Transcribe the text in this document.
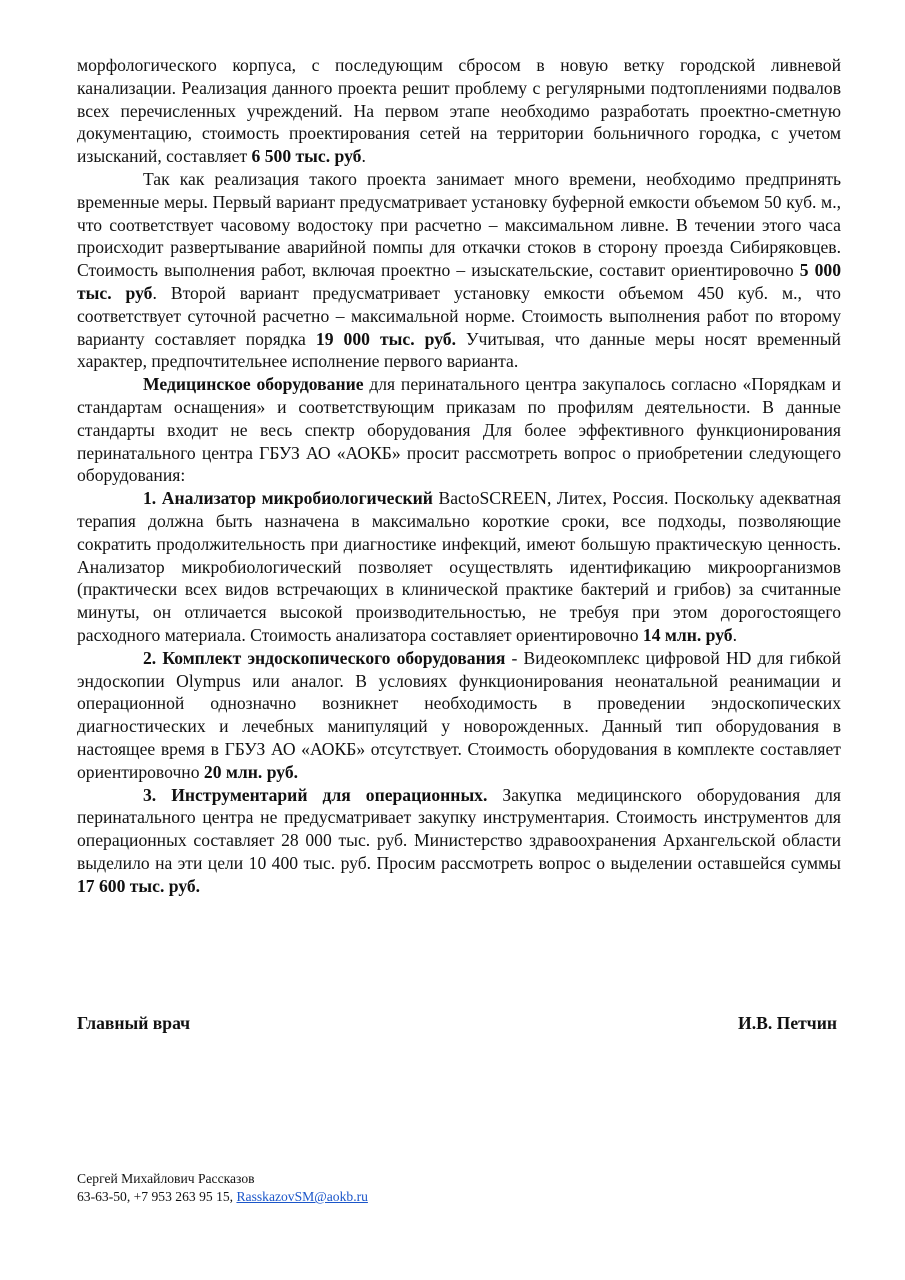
морфологического корпуса, с последующим сбросом в новую ветку городской ливневой канализации. Реализация данного проекта решит проблему с регулярными подтоплениями подвалов всех перечисленных учреждений. На первом этапе необходимо разработать проектно-сметную документацию, стоимость проектирования сетей на территории больничного городка, с учетом изысканий, составляет 6 500 тыс. руб.

Так как реализация такого проекта занимает много времени, необходимо предпринять временные меры. Первый вариант предусматривает установку буферной емкости объемом 50 куб. м., что соответствует часовому водостоку при расчетно – максимальном ливне. В течении этого часа происходит развертывание аварийной помпы для откачки стоков в сторону проезда Сибиряковцев. Стоимость выполнения работ, включая проектно – изыскательские, составит ориентировочно 5 000 тыс. руб. Второй вариант предусматривает установку емкости объемом 450 куб. м., что соответствует суточной расчетно – максимальной норме. Стоимость выполнения работ по второму варианту составляет порядка 19 000 тыс. руб. Учитывая, что данные меры носят временный характер, предпочтительнее исполнение первого варианта.

Медицинское оборудование для перинатального центра закупалось согласно «Порядкам и стандартам оснащения» и соответствующим приказам по профилям деятельности. В данные стандарты входит не весь спектр оборудования Для более эффективного функционирования перинатального центра ГБУЗ АО «АОКБ» просит рассмотреть вопрос о приобретении следующего оборудования:

1. Анализатор микробиологический BactoSCREEN, Литех, Россия. Поскольку адекватная терапия должна быть назначена в максимально короткие сроки, все подходы, позволяющие сократить продолжительность при диагностике инфекций, имеют большую практическую ценность. Анализатор микробиологический позволяет осуществлять идентификацию микроорганизмов (практически всех видов встречающих в клинической практике бактерий и грибов) за считанные минуты, он отличается высокой производительностью, не требуя при этом дорогостоящего расходного материала. Стоимость анализатора составляет ориентировочно 14 млн. руб.

2. Комплект эндоскопического оборудования - Видеокомплекс цифровой HD для гибкой эндоскопии Olympus или аналог. В условиях функционирования неонатальной реанимации и операционной однозначно возникнет необходимость в проведении эндоскопических диагностических и лечебных манипуляций у новорожденных. Данный тип оборудования в настоящее время в ГБУЗ АО «АОКБ» отсутствует. Стоимость оборудования в комплекте составляет ориентировочно 20 млн. руб.

3. Инструментарий для операционных. Закупка медицинского оборудования для перинатального центра не предусматривает закупку инструментария. Стоимость инструментов для операционных составляет 28 000 тыс. руб. Министерство здравоохранения Архангельской области выделило на эти цели 10 400 тыс. руб. Просим рассмотреть вопрос о выделении оставшейся суммы 17 600 тыс. руб.

Главный врач	И.В. Петчин
Сергей Михайлович Рассказов
63-63-50, +7 953 263 95 15, RasskazovSM@aokb.ru
